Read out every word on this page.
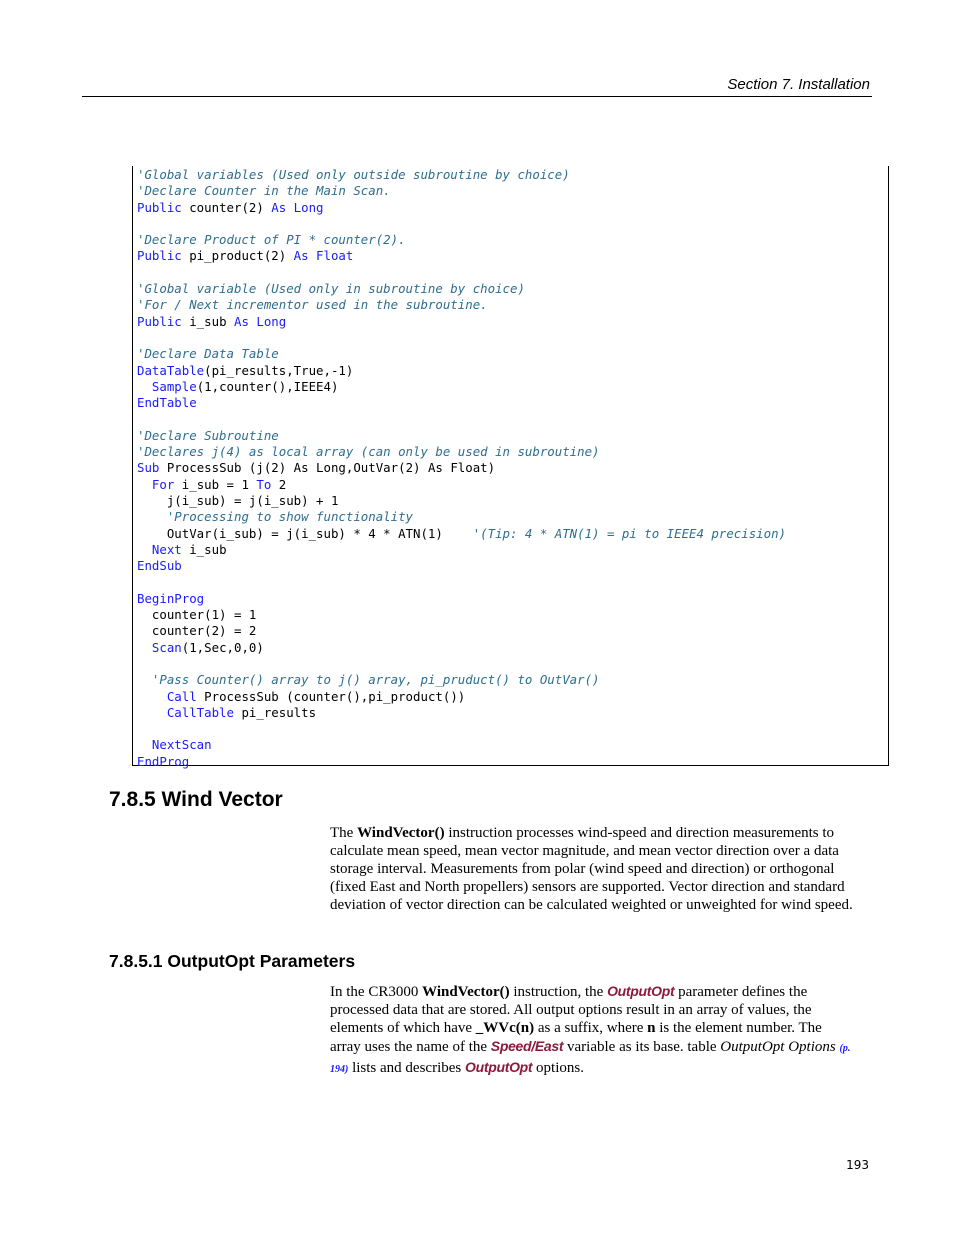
Section 7. Installation
'Global variables (Used only outside subroutine by choice)
'Declare Counter in the Main Scan.
Public counter(2) As Long
'Declare Product of PI * counter(2).
Public pi_product(2) As Float
'Global variable (Used only in subroutine by choice)
'For / Next incrementor used in the subroutine.
Public i_sub As Long
'Declare Data Table
DataTable(pi_results,True,-1)
Sample(1,counter(),IEEE4)
EndTable
'Declare Subroutine
'Declares j(4) as local array (can only be used in subroutine)
Sub ProcessSub (j(2) As Long,OutVar(2) As Float)
For i_sub = 1 To 2
j(i_sub) = j(i_sub) + 1
'Processing to show functionality
OutVar(i_sub) = j(i_sub) * 4 * ATN(1)    '(Tip: 4 * ATN(1) = pi to IEEE4 precision)
Next i_sub
EndSub
BeginProg
counter(1) = 1
counter(2) = 2
Scan(1,Sec,0,0)
'Pass Counter() array to j() array, pi_pruduct() to OutVar()
Call ProcessSub (counter(),pi_product())
CallTable pi_results
NextScan
EndProg
7.8.5 Wind Vector
The WindVector() instruction processes wind-speed and direction measurements to calculate mean speed, mean vector magnitude, and mean vector direction over a data storage interval. Measurements from polar (wind speed and direction) or orthogonal (fixed East and North propellers) sensors are supported. Vector direction and standard deviation of vector direction can be calculated weighted or unweighted for wind speed.
7.8.5.1 OutputOpt Parameters
In the CR3000 WindVector() instruction, the OutputOpt parameter defines the processed data that are stored. All output options result in an array of values, the elements of which have _WVc(n) as a suffix, where n is the element number. The array uses the name of the Speed/East variable as its base. table OutputOpt Options (p. 194) lists and describes OutputOpt options.
193
